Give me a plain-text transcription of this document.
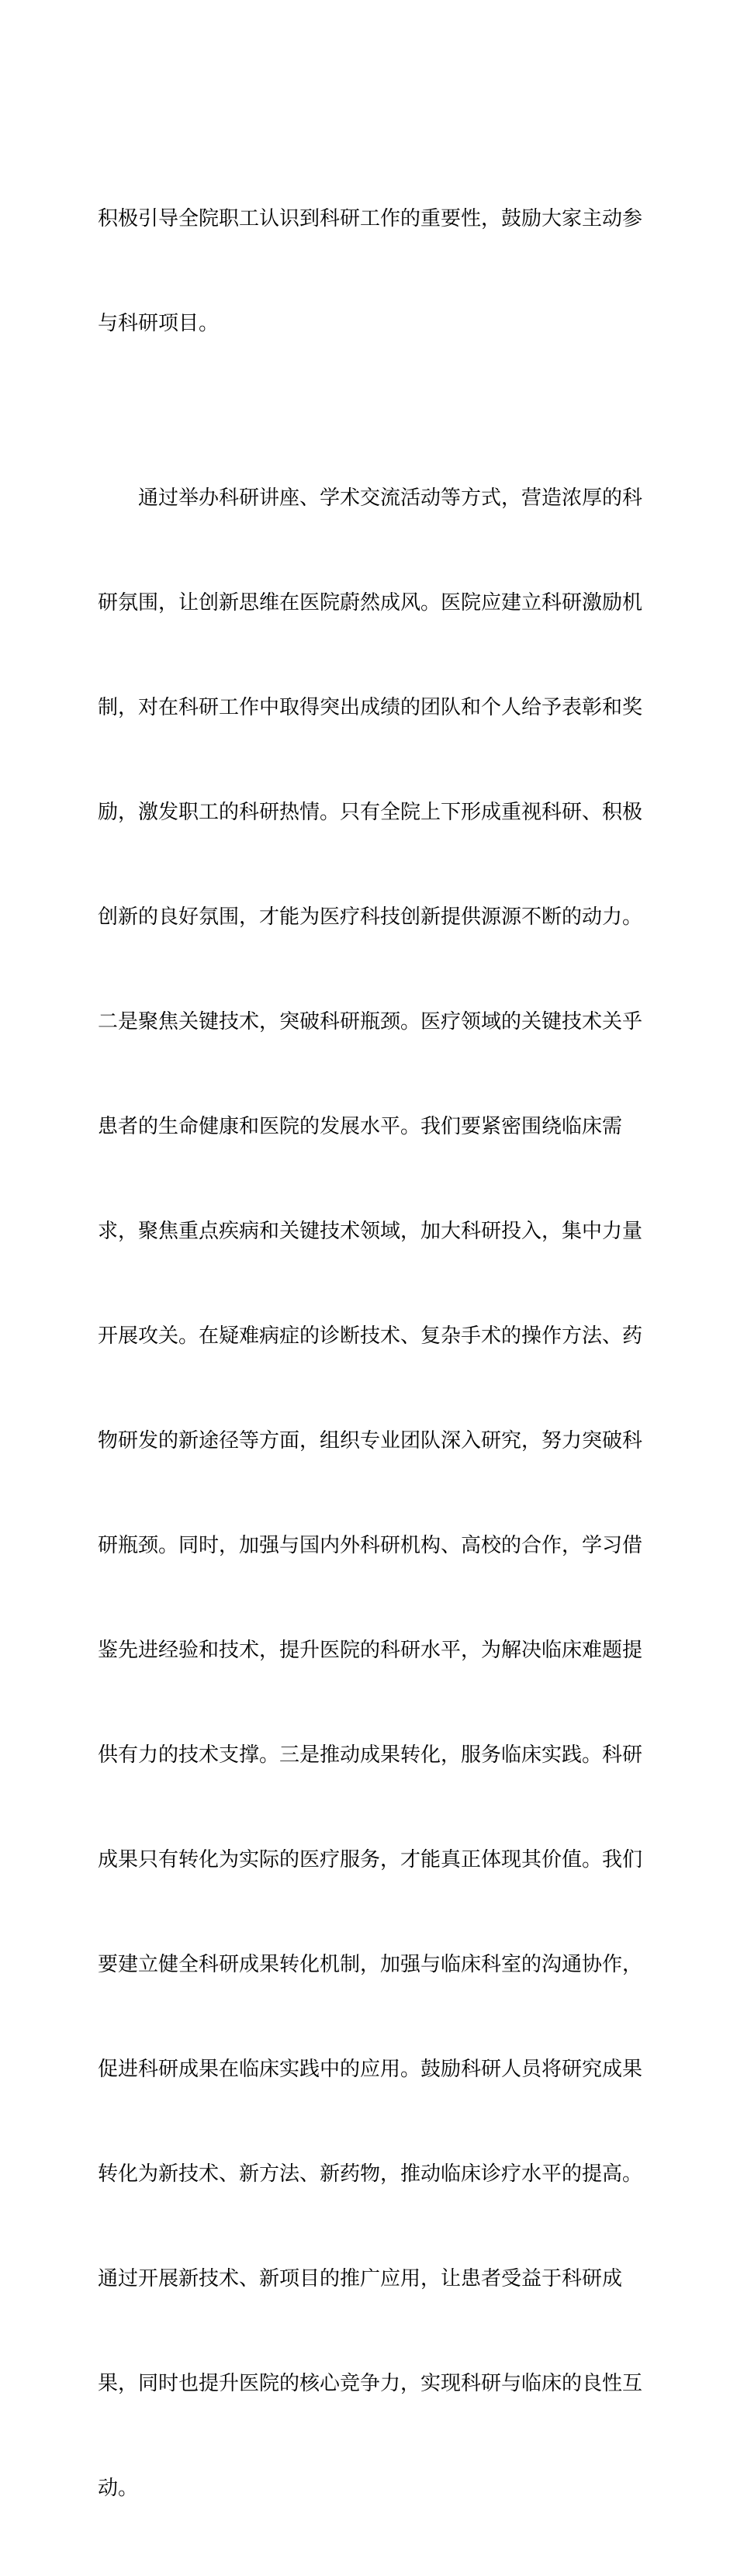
积极引导全院职工认识到科研工作的重要性，鼓励大家主动参

与科研项目。

　　通过举办科研讲座、学术交流活动等方式，营造浓厚的科

研氛围，让创新思维在医院蔚然成风。医院应建立科研激励机

制，对在科研工作中取得突出成绩的团队和个人给予表彰和奖

励，激发职工的科研热情。只有全院上下形成重视科研、积极

创新的良好氛围，才能为医疗科技创新提供源源不断的动力。

二是聚焦关键技术，突破科研瓶颈。医疗领域的关键技术关乎

患者的生命健康和医院的发展水平。我们要紧密围绕临床需

求，聚焦重点疾病和关键技术领域，加大科研投入，集中力量

开展攻关。在疑难病症的诊断技术、复杂手术的操作方法、药

物研发的新途径等方面，组织专业团队深入研究，努力突破科

研瓶颈。同时，加强与国内外科研机构、高校的合作，学习借

鉴先进经验和技术，提升医院的科研水平，为解决临床难题提

供有力的技术支撑。三是推动成果转化，服务临床实践。科研

成果只有转化为实际的医疗服务，才能真正体现其价值。我们

要建立健全科研成果转化机制，加强与临床科室的沟通协作，

促进科研成果在临床实践中的应用。鼓励科研人员将研究成果

转化为新技术、新方法、新药物，推动临床诊疗水平的提高。

通过开展新技术、新项目的推广应用，让患者受益于科研成

果，同时也提升医院的核心竞争力，实现科研与临床的良性互

动。
